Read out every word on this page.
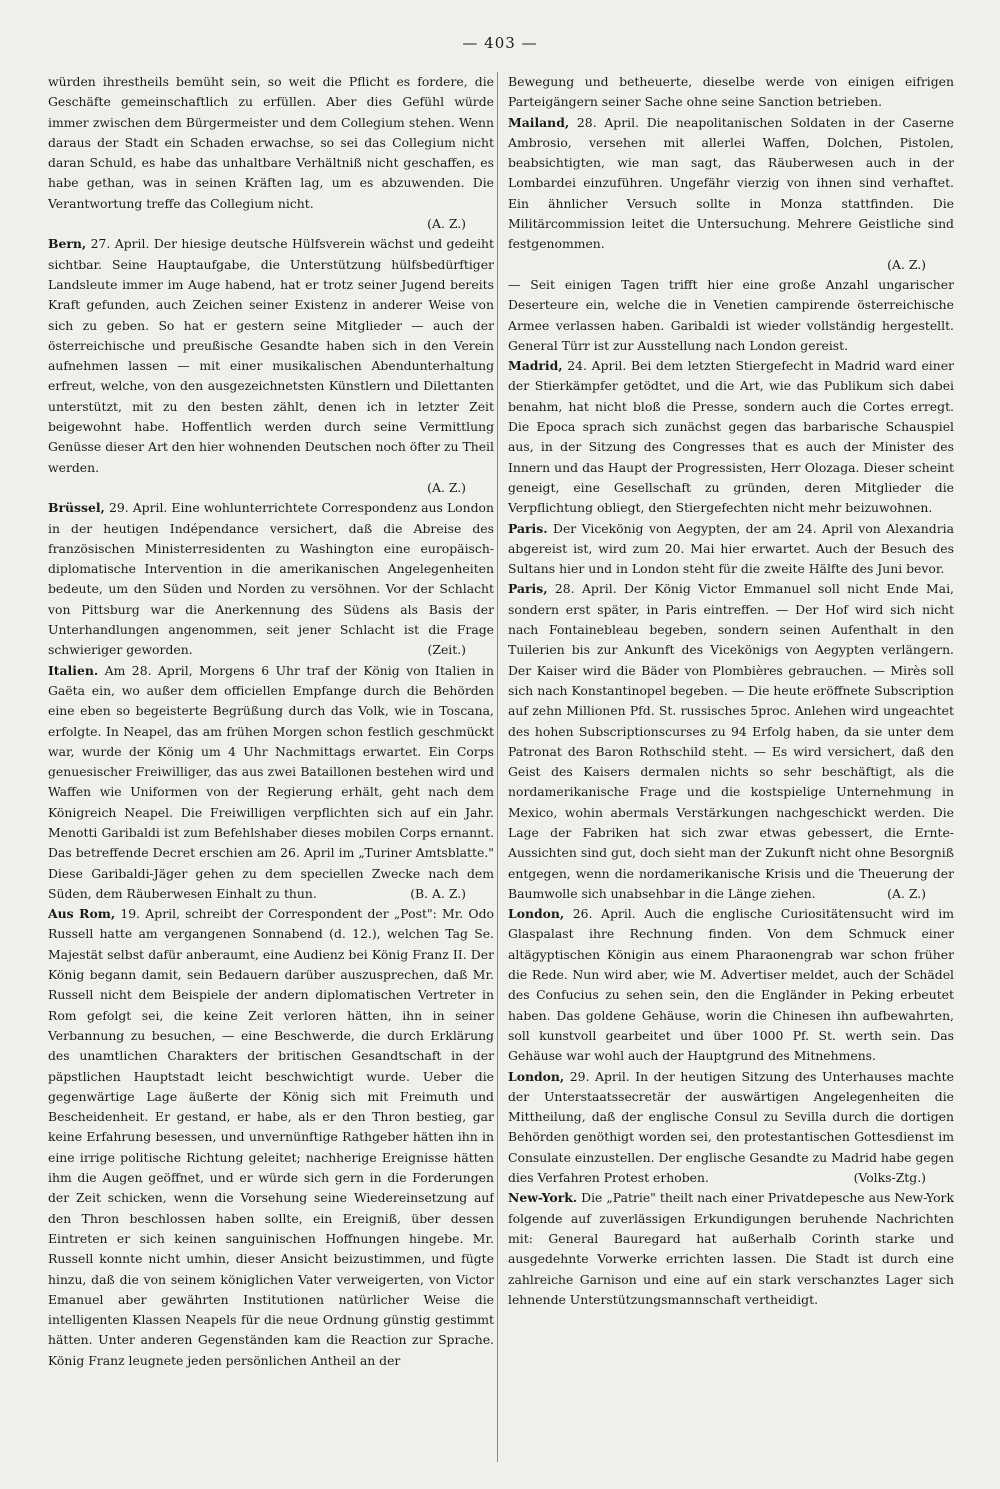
— 403 —

würden ihrestheils bemüht sein, so weit die Pflicht es fordere, die Geschäfte gemeinschaftlich zu erfüllen. Aber dies Gefühl würde immer zwischen dem Bürgermeister und dem Collegium stehen. Wenn daraus der Stadt ein Schaden erwachse, so sei das Collegium nicht daran Schuld, es habe das unhaltbare Verhältniß nicht geschaffen, es habe gethan, was in seinen Kräften lag, um es abzuwenden. Die Verantwortung treffe das Collegium nicht.

(A. Z.)

Bern, 27. April. Der hiesige deutsche Hülfsverein wächst und gedeiht sichtbar. Seine Hauptaufgabe, die Unterstützung hülfsbedürftiger Landsleute immer im Auge habend, hat er trotz seiner Jugend bereits Kraft gefunden, auch Zeichen seiner Existenz in anderer Weise von sich zu geben. So hat er gestern seine Mitglieder — auch der österreichische und preußische Gesandte haben sich in den Verein aufnehmen lassen — mit einer musikalischen Abendunterhaltung erfreut, welche, von den ausgezeichnetsten Künstlern und Dilettanten unterstützt, mit zu den besten zählt, denen ich in letzter Zeit beigewohnt habe. Hoffentlich werden durch seine Vermittlung Genüsse dieser Art den hier wohnenden Deutschen noch öfter zu Theil werden.

(A. Z.)

Brüssel, 29. April. Eine wohlunterrichtete Correspondenz aus London in der heutigen Indépendance versichert, daß die Abreise des französischen Ministerresidenten zu Washington eine europäisch-diplomatische Intervention in die amerikanischen Angelegenheiten bedeute, um den Süden und Norden zu versöhnen. Vor der Schlacht von Pittsburg war die Anerkennung des Südens als Basis der Unterhandlungen angenommen, seit jener Schlacht ist die Frage schwieriger geworden.	(Zeit.)

Italien. Am 28. April, Morgens 6 Uhr traf der König von Italien in Gaëta ein, wo außer dem officiellen Empfange durch die Behörden eine eben so begeisterte Begrüßung durch das Volk, wie in Toscana, erfolgte. In Neapel, das am frühen Morgen schon festlich geschmückt war, wurde der König um 4 Uhr Nachmittags erwartet. Ein Corps genuesischer Freiwilliger, das aus zwei Bataillonen bestehen wird und Waffen wie Uniformen von der Regierung erhält, geht nach dem Königreich Neapel. Die Freiwilligen verpflichten sich auf ein Jahr. Menotti Garibaldi ist zum Befehlshaber dieses mobilen Corps ernannt. Das betreffende Decret erschien am 26. April im „Turiner Amtsblatte." Diese Garibaldi-Jäger gehen zu dem speciellen Zwecke nach dem Süden, dem Räuberwesen Einhalt zu thun.	(B. A. Z.)

Aus Rom, 19. April, schreibt der Correspondent der „Post": Mr. Odo Russell hatte am vergangenen Sonnabend (d. 12.), welchen Tag Se. Majestät selbst dafür anberaumt, eine Audienz bei König Franz II. Der König begann damit, sein Bedauern darüber auszusprechen, daß Mr. Russell nicht dem Beispiele der andern diplomatischen Vertreter in Rom gefolgt sei, die keine Zeit verloren hätten, ihn in seiner Verbannung zu besuchen, — eine Beschwerde, die durch Erklärung des unamtlichen Charakters der britischen Gesandtschaft in der päpstlichen Hauptstadt leicht beschwichtigt wurde. Ueber die gegenwärtige Lage äußerte der König sich mit Freimuth und Bescheidenheit. Er gestand, er habe, als er den Thron bestieg, gar keine Erfahrung besessen, und unvernünftige Rathgeber hätten ihn in eine irrige politische Richtung geleitet; nachherige Ereignisse hätten ihm die Augen geöffnet, und er würde sich gern in die Forderungen der Zeit schicken, wenn die Vorsehung seine Wiedereinsetzung auf den Thron beschlossen haben sollte, ein Ereigniß, über dessen Eintreten er sich keinen sanguinischen Hoffnungen hingebe. Mr. Russell konnte nicht umhin, dieser Ansicht beizustimmen, und fügte hinzu, daß die von seinem königlichen Vater verweigerten, von Victor Emanuel aber gewährten Institutionen natürlicher Weise die intelligenten Klassen Neapels für die neue Ordnung günstig gestimmt hätten. Unter anderen Gegenständen kam die Reaction zur Sprache. König Franz leugnete jeden persönlichen Antheil an der

Bewegung und betheuerte, dieselbe werde von einigen eifrigen Parteigängern seiner Sache ohne seine Sanction betrieben.

Mailand, 28. April. Die neapolitanischen Soldaten in der Caserne Ambrosio, versehen mit allerlei Waffen, Dolchen, Pistolen, beabsichtigten, wie man sagt, das Räuberwesen auch in der Lombardei einzuführen. Ungefähr vierzig von ihnen sind verhaftet. Ein ähnlicher Versuch sollte in Monza stattfinden. Die Militärcommission leitet die Untersuchung. Mehrere Geistliche sind festgenommen.

(A. Z.)

— Seit einigen Tagen trifft hier eine große Anzahl ungarischer Deserteure ein, welche die in Venetien campirende österreichische Armee verlassen haben. Garibaldi ist wieder vollständig hergestellt. General Türr ist zur Ausstellung nach London gereist.

Madrid, 24. April. Bei dem letzten Stiergefecht in Madrid ward einer der Stierkämpfer getödtet, und die Art, wie das Publikum sich dabei benahm, hat nicht bloß die Presse, sondern auch die Cortes erregt. Die Epoca sprach sich zunächst gegen das barbarische Schauspiel aus, in der Sitzung des Congresses that es auch der Minister des Innern und das Haupt der Progressisten, Herr Olozaga. Dieser scheint geneigt, eine Gesellschaft zu gründen, deren Mitglieder die Verpflichtung obliegt, den Stiergefechten nicht mehr beizuwohnen.

Paris. Der Vicekönig von Aegypten, der am 24. April von Alexandria abgereist ist, wird zum 20. Mai hier erwartet. Auch der Besuch des Sultans hier und in London steht für die zweite Hälfte des Juni bevor.

Paris, 28. April. Der König Victor Emmanuel soll nicht Ende Mai, sondern erst später, in Paris eintreffen. — Der Hof wird sich nicht nach Fontainebleau begeben, sondern seinen Aufenthalt in den Tuilerien bis zur Ankunft des Vicekönigs von Aegypten verlängern. Der Kaiser wird die Bäder von Plombières gebrauchen. — Mirès soll sich nach Konstantinopel begeben. — Die heute eröffnete Subscription auf zehn Millionen Pfd. St. russisches 5proc. Anlehen wird ungeachtet des hohen Subscriptionscurses zu 94 Erfolg haben, da sie unter dem Patronat des Baron Rothschild steht. — Es wird versichert, daß den Geist des Kaisers dermalen nichts so sehr beschäftigt, als die nordamerikanische Frage und die kostspielige Unternehmung in Mexico, wohin abermals Verstärkungen nachgeschickt werden. Die Lage der Fabriken hat sich zwar etwas gebessert, die Ernte-Aussichten sind gut, doch sieht man der Zukunft nicht ohne Besorgniß entgegen, wenn die nordamerikanische Krisis und die Theuerung der Baumwolle sich unabsehbar in die Länge ziehen.	(A. Z.)

London, 26. April. Auch die englische Curiositätensucht wird im Glaspalast ihre Rechnung finden. Von dem Schmuck einer altägyptischen Königin aus einem Pharaonengrab war schon früher die Rede. Nun wird aber, wie M. Advertiser meldet, auch der Schädel des Confucius zu sehen sein, den die Engländer in Peking erbeutet haben. Das goldene Gehäuse, worin die Chinesen ihn aufbewahrten, soll kunstvoll gearbeitet und über 1000 Pf. St. werth sein. Das Gehäuse war wohl auch der Hauptgrund des Mitnehmens.

London, 29. April. In der heutigen Sitzung des Unterhauses machte der Unterstaatssecretär der auswärtigen Angelegenheiten die Mittheilung, daß der englische Consul zu Sevilla durch die dortigen Behörden genöthigt worden sei, den protestantischen Gottesdienst im Consulate einzustellen. Der englische Gesandte zu Madrid habe gegen dies Verfahren Protest erhoben.	(Volks-Ztg.)

New-York. Die „Patrie" theilt nach einer Privatdepesche aus New-York folgende auf zuverlässigen Erkundigungen beruhende Nachrichten mit: General Bauregard hat außerhalb Corinth starke und ausgedehnte Vorwerke errichten lassen. Die Stadt ist durch eine zahlreiche Garnison und eine auf ein stark verschanztes Lager sich lehnende Unterstützungsmannschaft vertheidigt.
